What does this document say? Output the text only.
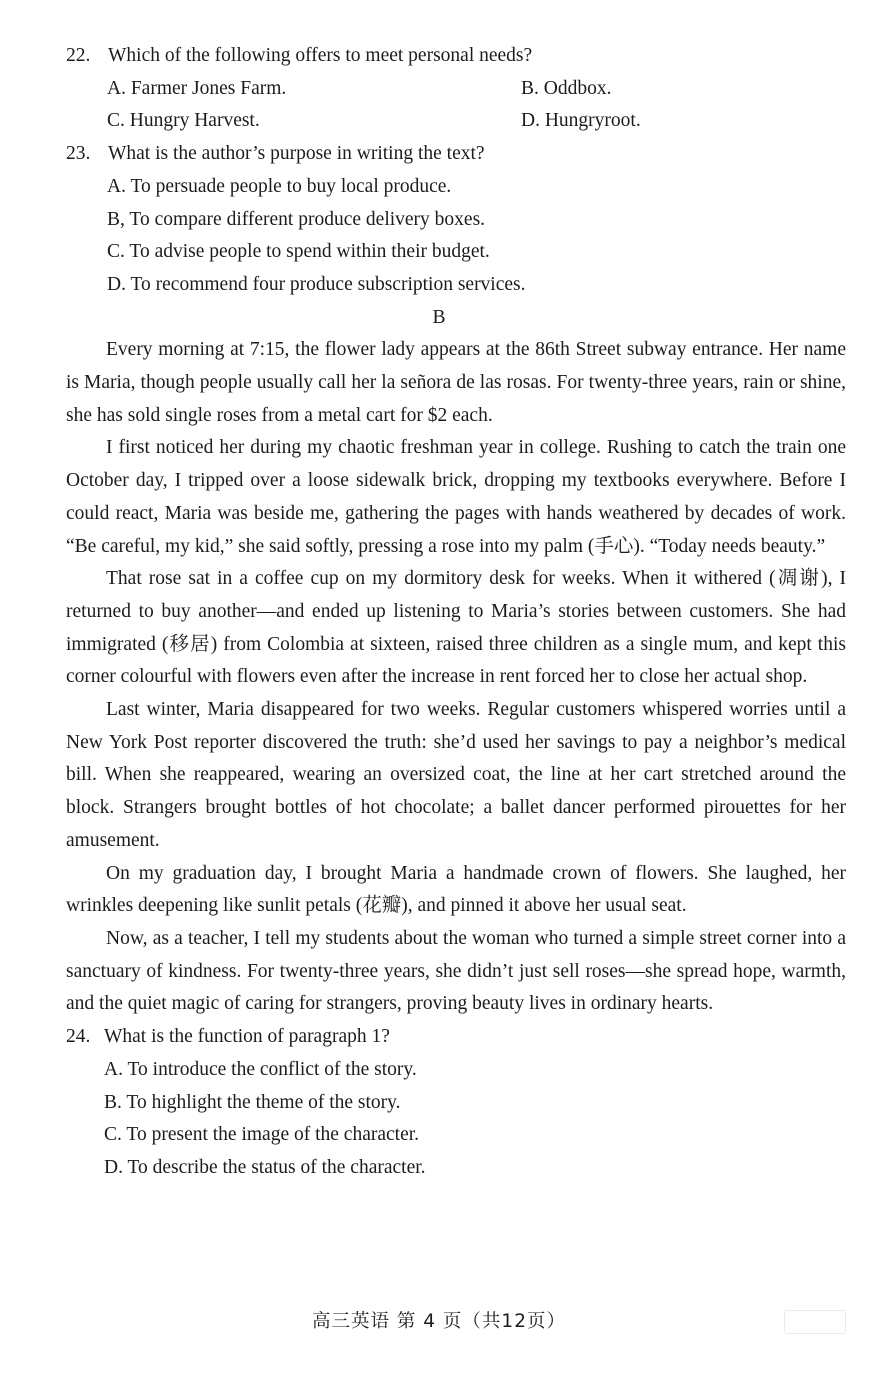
22. Which of the following offers to meet personal needs?
A. Farmer Jones Farm.	B. Oddbox.
C. Hungry Harvest.	D. Hungryroot.
23. What is the author’s purpose in writing the text?
A. To persuade people to buy local produce.
B, To compare different produce delivery boxes.
C. To advise people to spend within their budget.
D. To recommend four produce subscription services.
B

Every morning at 7:15, the flower lady appears at the 86th Street subway entrance. Her name is Maria, though people usually call her la señora de las rosas. For twenty-three years, rain or shine, she has sold single roses from a metal cart for $2 each.

I first noticed her during my chaotic freshman year in college. Rushing to catch the train one October day, I tripped over a loose sidewalk brick, dropping my textbooks everywhere. Before I could react, Maria was beside me, gathering the pages with hands weathered by decades of work. “Be careful, my kid,” she said softly, pressing a rose into my palm (手心). “Today needs beauty.”

That rose sat in a coffee cup on my dormitory desk for weeks. When it withered (凋谢), I returned to buy another—and ended up listening to Maria’s stories between customers. She had immigrated (移居) from Colombia at sixteen, raised three children as a single mum, and kept this corner colourful with flowers even after the increase in rent forced her to close her actual shop.

Last winter, Maria disappeared for two weeks. Regular customers whispered worries until a New York Post reporter discovered the truth: she’d used her savings to pay a neighbor’s medical bill. When she reappeared, wearing an oversized coat, the line at her cart stretched around the block. Strangers brought bottles of hot chocolate; a ballet dancer performed pirouettes for her amusement.

On my graduation day, I brought Maria a handmade crown of flowers. She laughed, her wrinkles deepening like sunlit petals (花瓣), and pinned it above her usual seat.

Now, as a teacher, I tell my students about the woman who turned a simple street corner into a sanctuary of kindness. For twenty-three years, she didn’t just sell roses—she spread hope, warmth, and the quiet magic of caring for strangers, proving beauty lives in ordinary hearts.

24. What is the function of paragraph 1?
A. To introduce the conflict of the story.
B. To highlight the theme of the story.
C. To present the image of the character.
D. To describe the status of the character.
高三英语 第 4 页（共12页）
